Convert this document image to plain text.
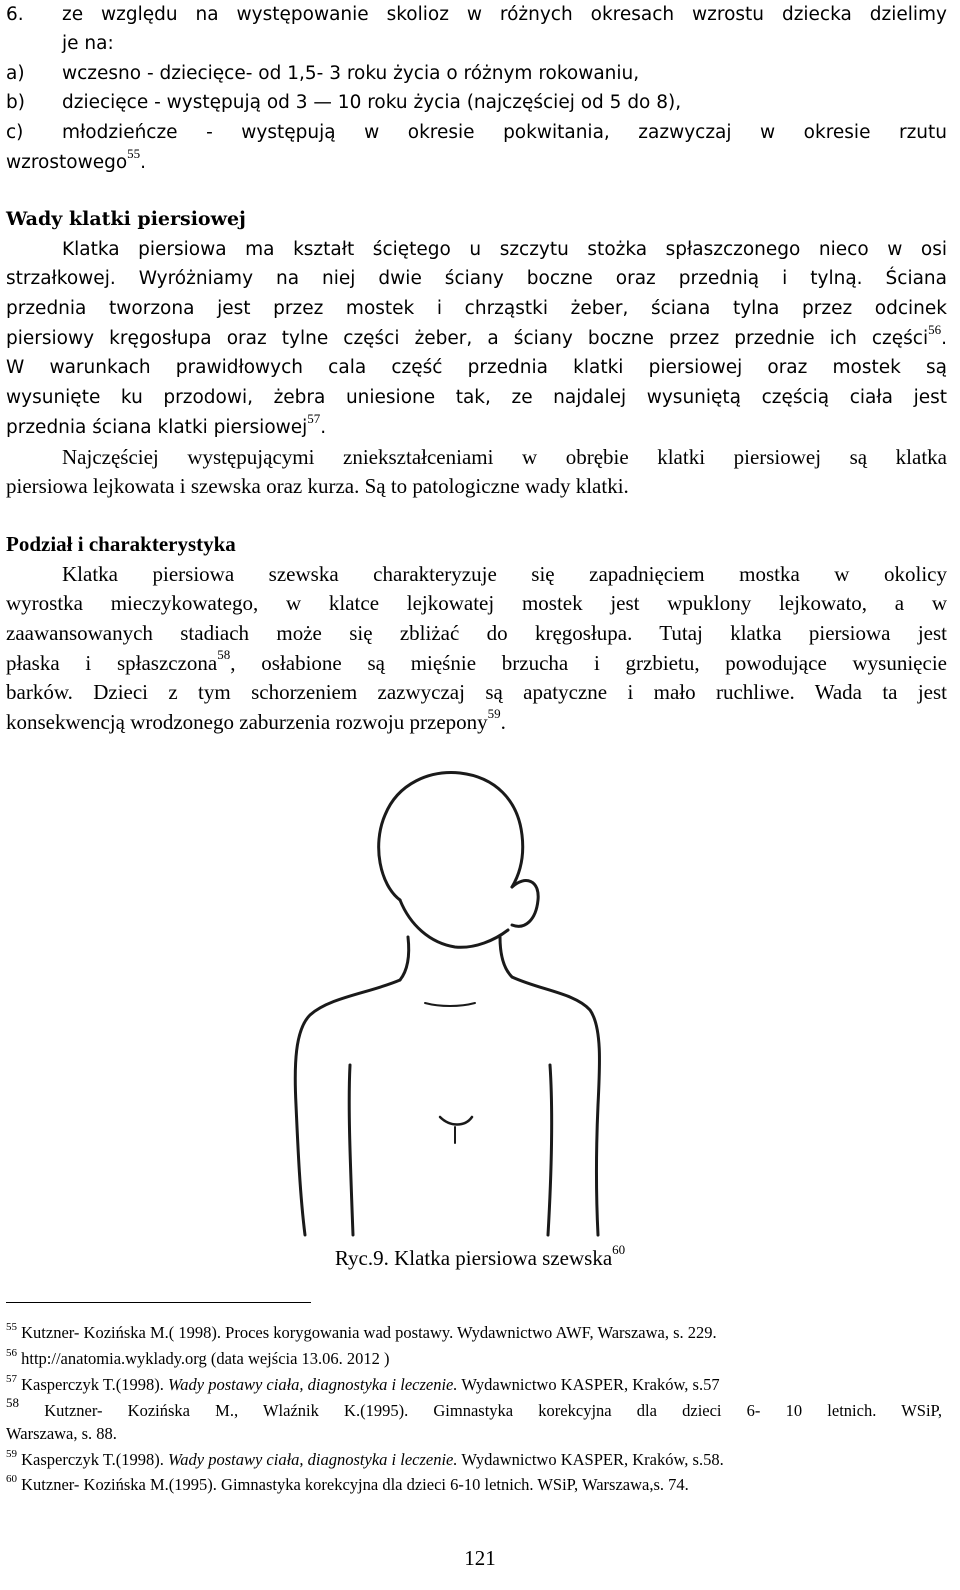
6. ze względu na występowanie skolioz w różnych okresach wzrostu dziecka dzielimy
je na:
a) wczesno - dziecięce- od 1,5- 3 roku życia o różnym rokowaniu,
b) dziecięce - występują od 3 — 10 roku życia (najczęściej od 5 do 8),
c) młodzieńcze - występują w okresie pokwitania, zazwyczaj w okresie rzutu
wzrostowego$^{55}$.
Wady klatki piersiowej
Klatka piersiowa ma kształt ściętego u szczytu stożka spłaszczonego nieco w osi
strzałkowej. Wyróżniamy na niej dwie ściany boczne oraz przednią i tylną. Ściana
przednia tworzona jest przez mostek i chrząstki żeber, ściana tylna przez odcinek
piersiowy kręgosłupa oraz tylne części żeber, a ściany boczne przez przednie ich części$^{56}$.
W warunkach prawidłowych cala część przednia klatki piersiowej oraz mostek są
wysunięte ku przodowi, żebra uniesione tak, ze najdalej wysuniętą częścią ciała jest
przednia ściana klatki piersiowej$^{57}$.
Najczęściej występującymi zniekształceniami w obrębie klatki piersiowej są klatka
piersiowa lejkowata i szewska oraz kurza. Są to patologiczne wady klatki.
Podział i charakterystyka
Klatka piersiowa szewska charakteryzuje się zapadnięciem mostka w okolicy
wyrostka mieczykowatego, w klatce lejkowatej mostek jest wpuklony lejkowato, a w
zaawansowanych stadiach może się zbliżać do kręgosłupa. Tutaj klatka piersiowa jest
płaska i spłaszczona$^{58}$, osłabione są mięśnie brzucha i grzbietu, powodujące wysunięcie
barków. Dzieci z tym schorzeniem zazwyczaj są apatyczne i mało ruchliwe. Wada ta jest
konsekwencją wrodzonego zaburzenia rozwoju przepony$^{59}$.
Ryc.9. Klatka piersiowa szewska$^{60}$
$^{55}$ Kutzner- Kozińska M.( 1998). Proces korygowania wad postawy. Wydawnictwo AWF, Warszawa, s. 229.
$^{56}$ http://anatomia.wyklady.org (data wejścia 13.06. 2012 )
$^{57}$ Kasperczyk T.(1998). Wady postawy ciała, diagnostyka i leczenie. Wydawnictwo KASPER, Kraków, s.57
$^{58}$ Kutzner- Kozińska M., Wlaźnik K.(1995). Gimnastyka korekcyjna dla dzieci 6- 10 letnich. WSiP,
Warszawa, s. 88.
$^{59}$ Kasperczyk T.(1998). Wady postawy ciała, diagnostyka i leczenie. Wydawnictwo KASPER, Kraków, s.58.
$^{60}$ Kutzner- Kozińska M.(1995). Gimnastyka korekcyjna dla dzieci 6-10 letnich. WSiP, Warszawa,s. 74.
121
